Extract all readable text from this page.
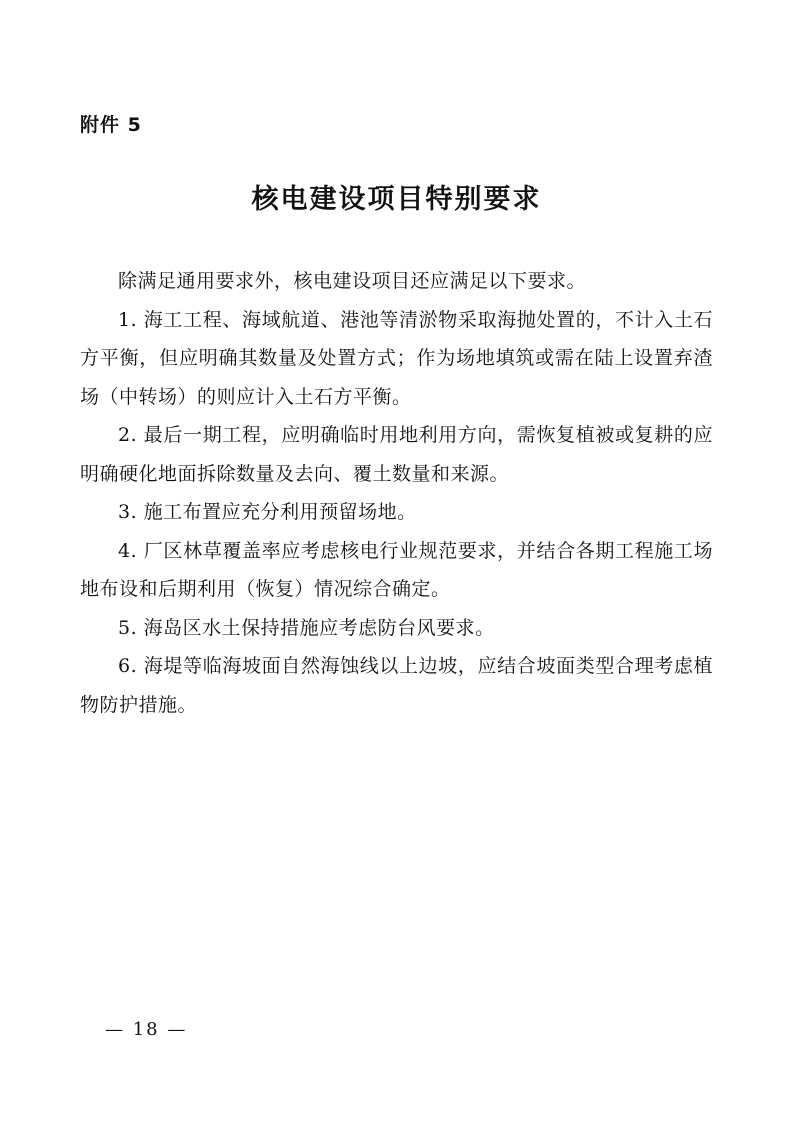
附件 5
核电建设项目特别要求

除满足通用要求外，核电建设项目还应满足以下要求。

1. 海工工程、海域航道、港池等清淤物采取海抛处置的，不计入土石方平衡，但应明确其数量及处置方式；作为场地填筑或需在陆上设置弃渣场（中转场）的则应计入土石方平衡。

2. 最后一期工程，应明确临时用地利用方向，需恢复植被或复耕的应明确硬化地面拆除数量及去向、覆土数量和来源。

3. 施工布置应充分利用预留场地。

4. 厂区林草覆盖率应考虑核电行业规范要求，并结合各期工程施工场地布设和后期利用（恢复）情况综合确定。

5. 海岛区水土保持措施应考虑防台风要求。

6. 海堤等临海坡面自然海蚀线以上边坡，应结合坡面类型合理考虑植物防护措施。

— 18 —
